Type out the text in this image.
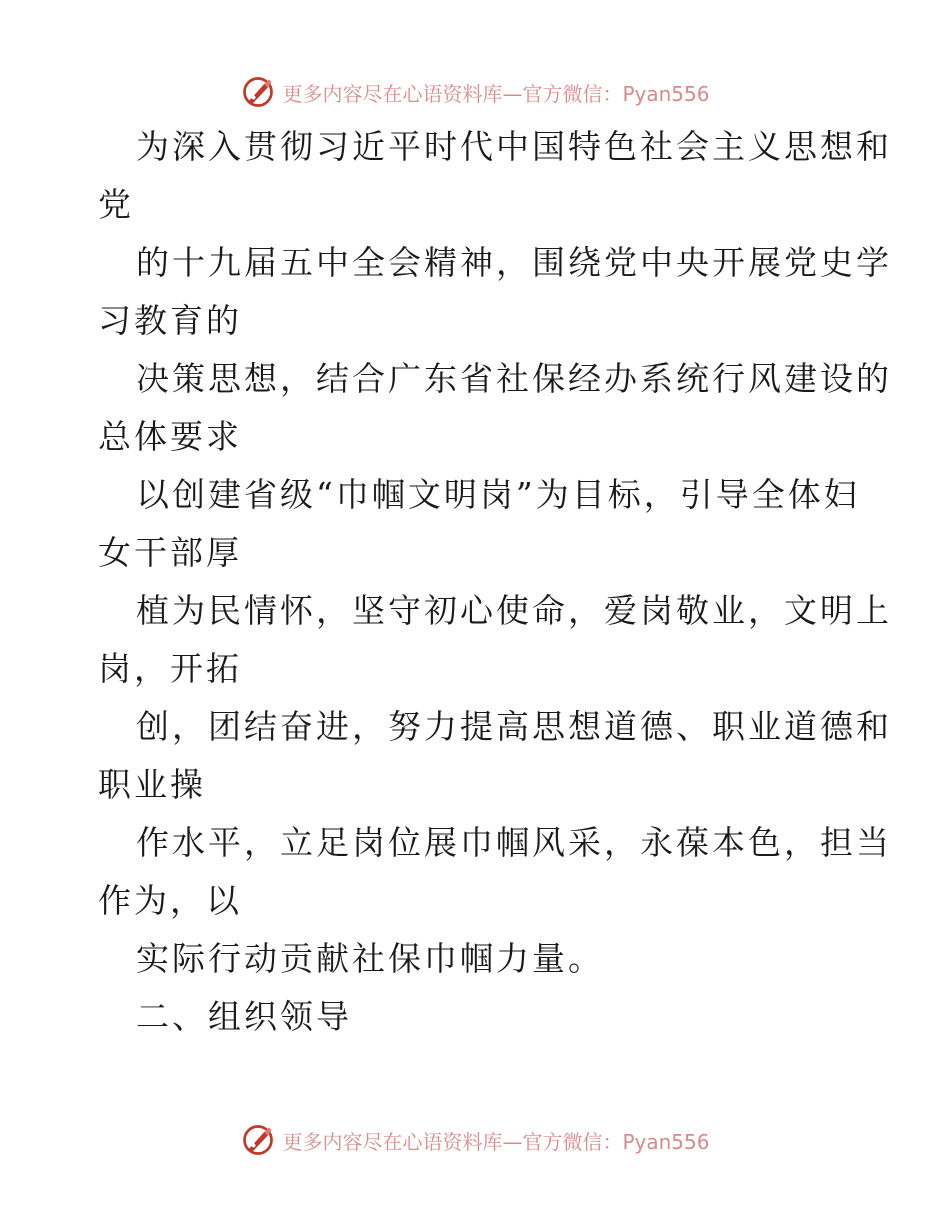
更多内容尽在心语资料库—官方微信：Pyan556
为深入贯彻习近平时代中国特色社会主义思想和
党
的十九届五中全会精神，围绕党中央开展党史学
习教育的
决策思想，结合广东省社保经办系统行风建设的
总体要求
以创建省级“巾帼文明岗”为目标，引导全体妇
女干部厚
植为民情怀，坚守初心使命，爱岗敬业，文明上
岗，开拓
创，团结奋进，努力提高思想道德、职业道德和
职业操
作水平，立足岗位展巾帼风采，永葆本色，担当
作为，以
实际行动贡献社保巾帼力量。
二、组织领导
更多内容尽在心语资料库—官方微信：Pyan556
